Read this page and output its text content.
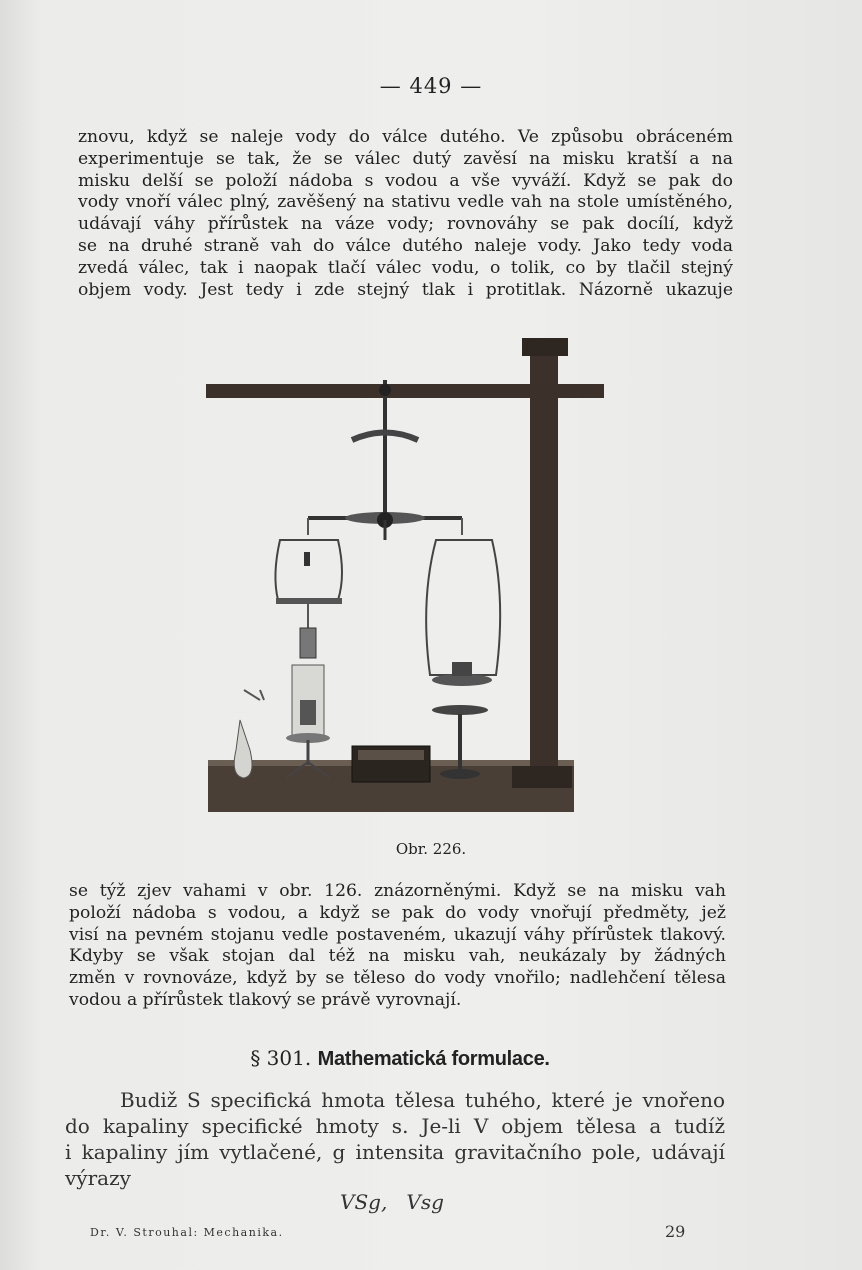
— 449 —
znovu, když se naleje vody do válce dutého. Ve způsobu obráceném
experimentuje se tak, že se válec dutý zavěsí na misku kratší a na
misku delší se položí nádoba s vodou a vše vyváží. Když se pak do
vody vnoří válec plný, zavěšený na stativu vedle vah na stole umístěného,
udávají váhy přírůstek na váze vody; rovnováhy se pak docílí, když
se na druhé straně vah do válce dutého naleje vody. Jako tedy voda
zvedá válec, tak i naopak tlačí válec vodu, o tolik, co by tlačil stejný
objem vody. Jest tedy i zde stejný tlak i protitlak. Názorně ukazuje
Obr. 226.
se týž zjev vahami v obr. 126. znázorněnými. Když se na misku vah
položí nádoba s vodou, a když se pak do vody vnořují předměty, jež
visí na pevném stojanu vedle postaveném, ukazují váhy přírůstek tlakový.
Kdyby se však stojan dal též na misku vah, neukázaly by žádných
změn v rovnováze, když by se těleso do vody vnořilo; nadlehčení tělesa
vodou a přírůstek tlakový se právě vyrovnají.
§ 301. Mathematická formulace.
Budiž S specifická hmota tělesa tuhého, které je vnořeno
do kapaliny specifické hmoty s. Je-li V objem tělesa a tudíž
i kapaliny jím vytlačené, g intensita gravitačního pole, udávají
výrazy
VSg,   Vsg
Dr. V. Strouhal: Mechanika.	29
